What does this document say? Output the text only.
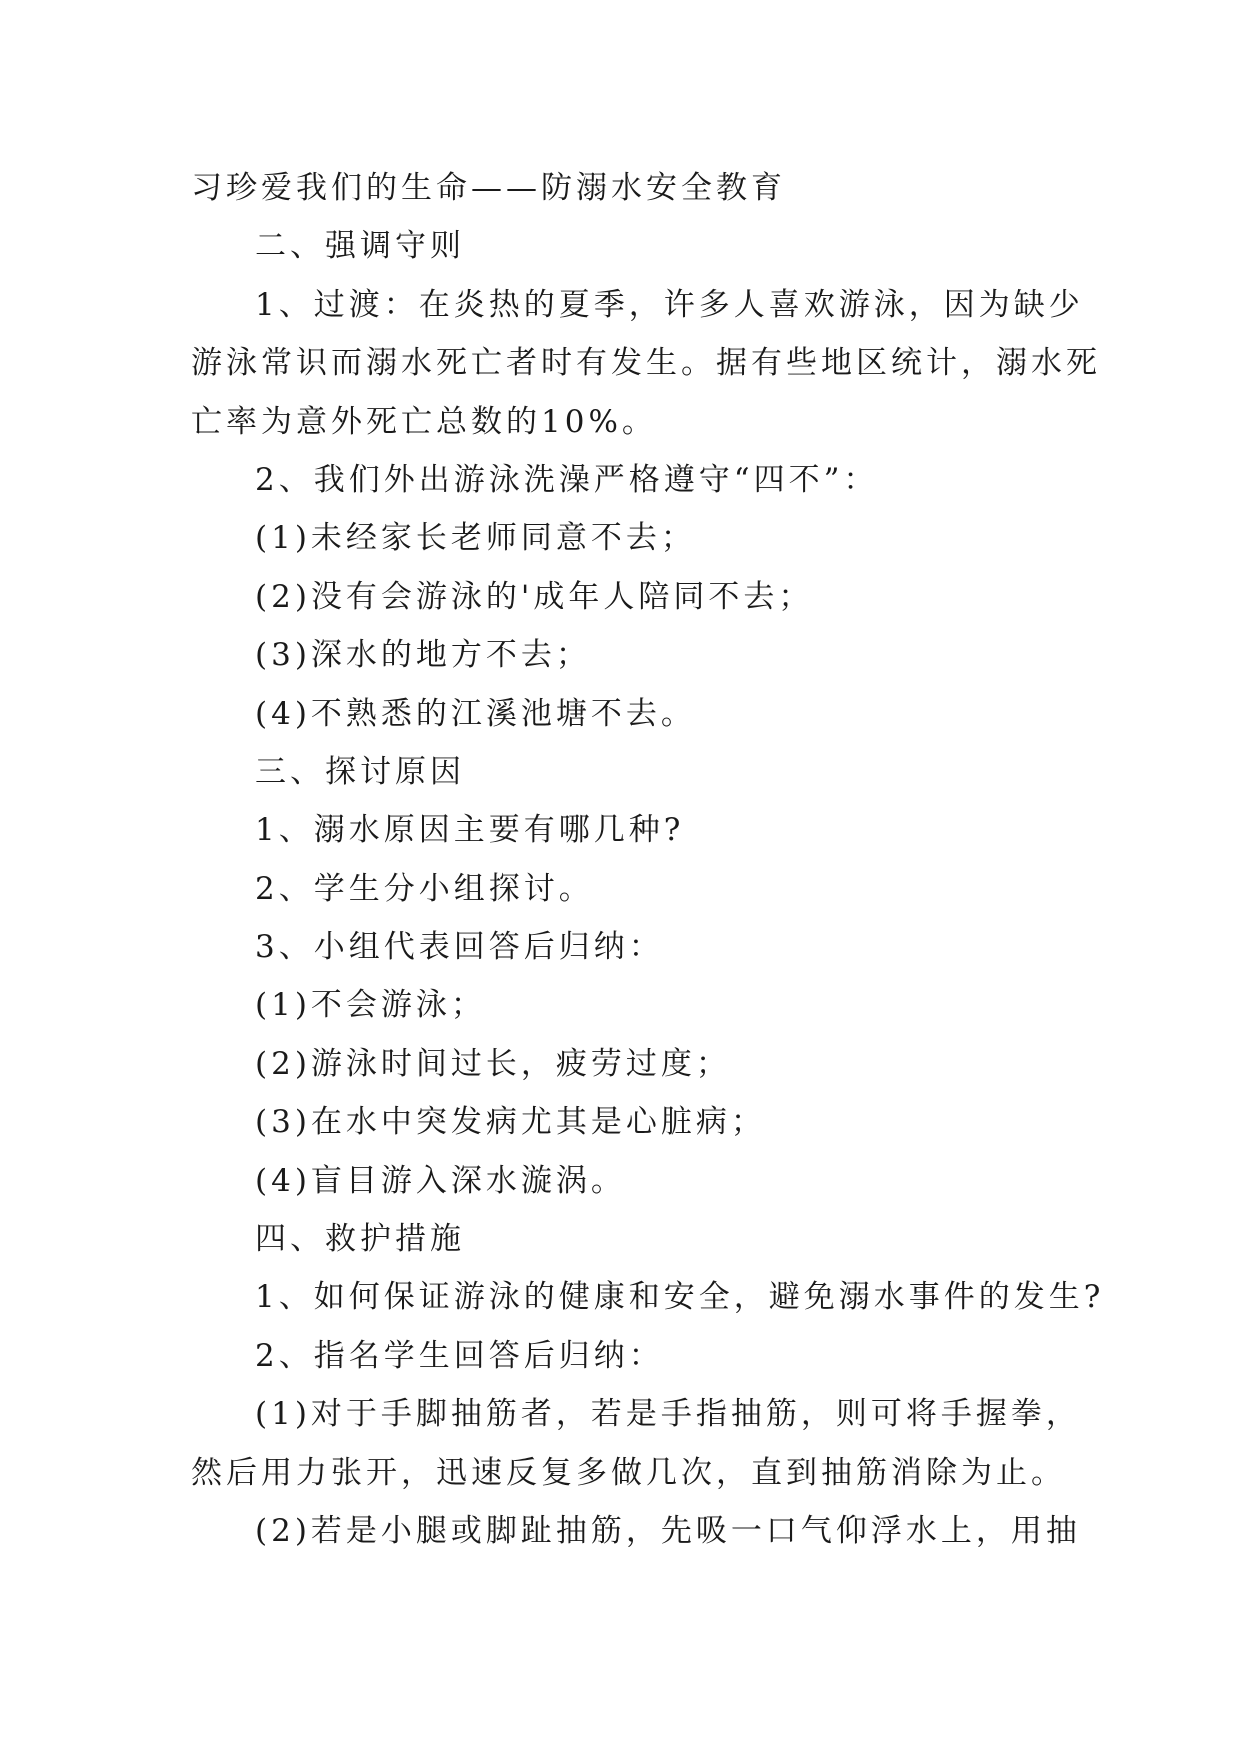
习珍爱我们的生命——防溺水安全教育
二、强调守则
1、过渡：在炎热的夏季，许多人喜欢游泳，因为缺少
游泳常识而溺水死亡者时有发生。据有些地区统计，溺水死
亡率为意外死亡总数的10%。
2、我们外出游泳洗澡严格遵守“四不”：
(1)未经家长老师同意不去；
(2)没有会游泳的'成年人陪同不去；
(3)深水的地方不去；
(4)不熟悉的江溪池塘不去。
三、探讨原因
1、溺水原因主要有哪几种?
2、学生分小组探讨。
3、小组代表回答后归纳：
(1)不会游泳；
(2)游泳时间过长，疲劳过度；
(3)在水中突发病尤其是心脏病；
(4)盲目游入深水漩涡。
四、救护措施
1、如何保证游泳的健康和安全，避免溺水事件的发生?
2、指名学生回答后归纳：
(1)对于手脚抽筋者，若是手指抽筋，则可将手握拳，
然后用力张开，迅速反复多做几次，直到抽筋消除为止。
(2)若是小腿或脚趾抽筋，先吸一口气仰浮水上，用抽
